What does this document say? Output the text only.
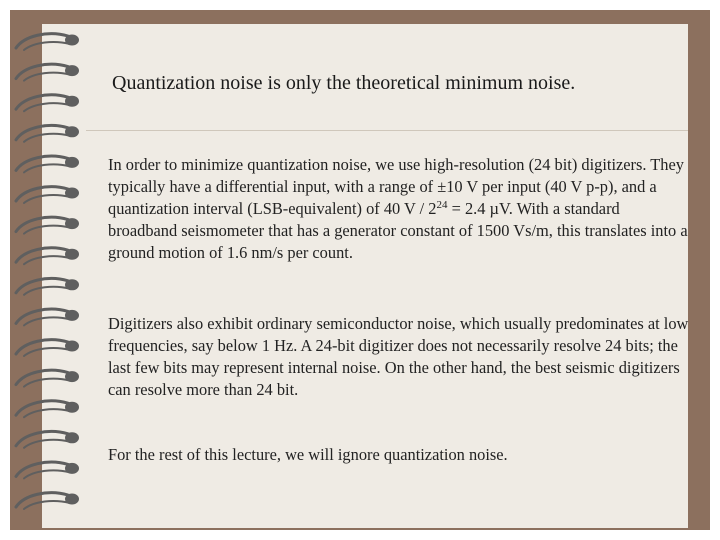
Quantization noise is only the theoretical minimum noise.
In order to minimize quantization noise, we use high-resolution (24 bit) digitizers. They typically have a differential input, with a range of ±10 V per input (40 V p-p), and a quantization interval (LSB-equivalent) of 40 $V / 2^{24} = 2.4$ µV. With a standard broadband seismometer that has a generator constant of 1500 Vs/m, this translates into a ground motion of 1.6 nm/s per count.
Digitizers also exhibit ordinary semiconductor noise, which usually predominates at low frequencies, say below 1 Hz. A 24-bit digitizer does not necessarily resolve 24 bits; the last few bits may represent internal noise. On the other hand, the best seismic digitizers can resolve more than 24 bit.
For the rest of this lecture, we will ignore quantization noise.
